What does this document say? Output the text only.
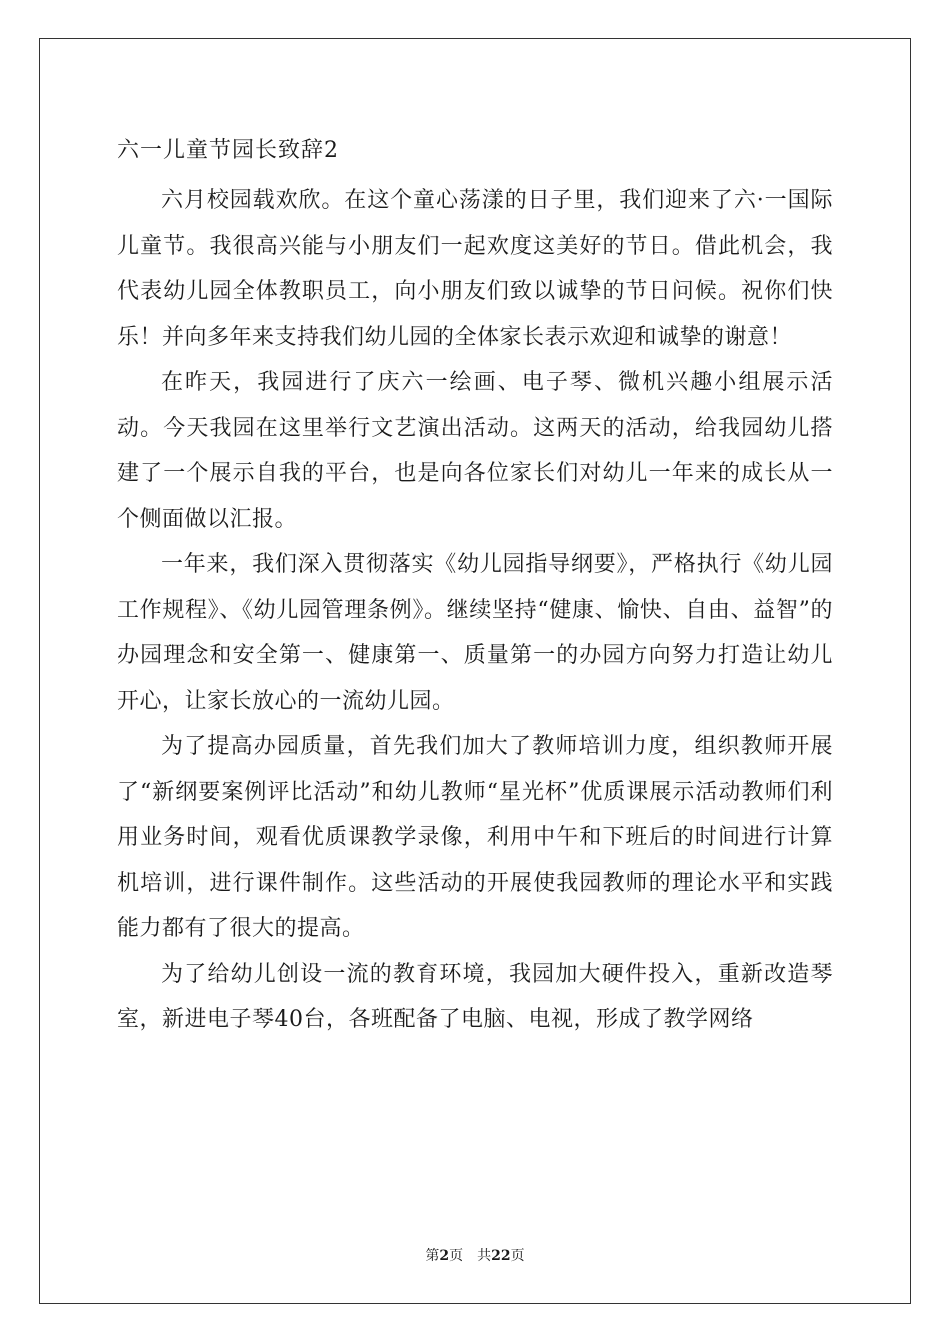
六一儿童节园长致辞2

六月校园载欢欣。在这个童心荡漾的日子里，我们迎来了六·一国际儿童节。我很高兴能与小朋友们一起欢度这美好的节日。借此机会，我代表幼儿园全体教职员工，向小朋友们致以诚挚的节日问候。祝你们快乐！并向多年来支持我们幼儿园的全体家长表示欢迎和诚挚的谢意！

在昨天，我园进行了庆六一绘画、电子琴、微机兴趣小组展示活动。今天我园在这里举行文艺演出活动。这两天的活动，给我园幼儿搭建了一个展示自我的平台，也是向各位家长们对幼儿一年来的成长从一个侧面做以汇报。

一年来，我们深入贯彻落实《幼儿园指导纲要》，严格执行《幼儿园工作规程》、《幼儿园管理条例》。继续坚持“健康、愉快、自由、益智”的办园理念和安全第一、健康第一、质量第一的办园方向努力打造让幼儿开心，让家长放心的一流幼儿园。

为了提高办园质量，首先我们加大了教师培训力度，组织教师开展了“新纲要案例评比活动”和幼儿教师“星光杯”优质课展示活动教师们利用业务时间，观看优质课教学录像，利用中午和下班后的时间进行计算机培训，进行课件制作。这些活动的开展使我园教师的理论水平和实践能力都有了很大的提高。

为了给幼儿创设一流的教育环境，我园加大硬件投入，重新改造琴室，新进电子琴40台，各班配备了电脑、电视，形成了教学网络

第2页 共22页
